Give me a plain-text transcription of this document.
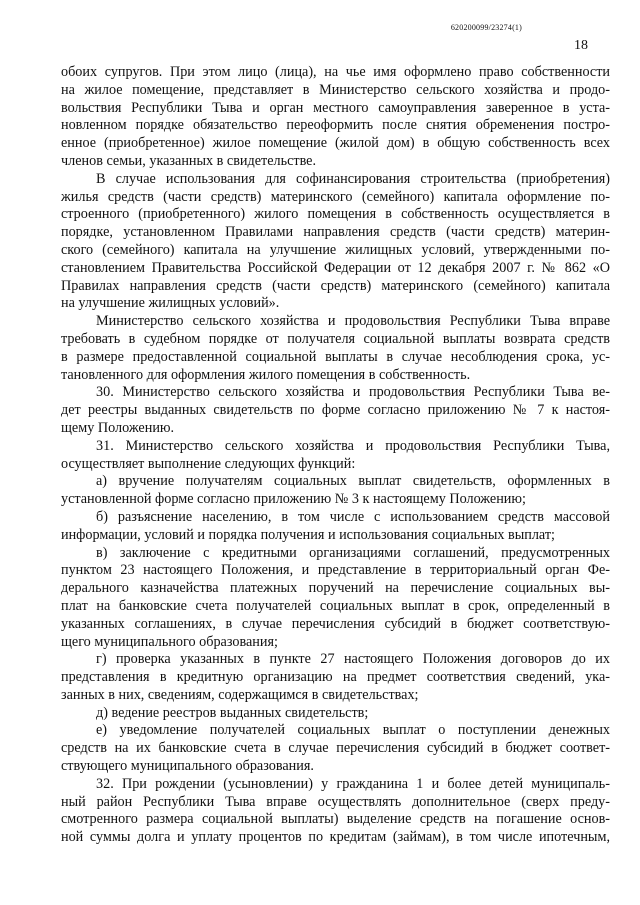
620200099/23274(1)
18

обоих супругов. При этом лицо (лица), на чье имя оформлено право собственности

на жилое помещение, представляет в Министерство сельского хозяйства и продо-

вольствия Республики Тыва и орган местного самоуправления заверенное в уста-

новленном порядке обязательство переоформить после снятия обременения постро-

енное (приобретенное) жилое помещение (жилой дом) в общую собственность всех

членов семьи, указанных в свидетельстве.

В случае использования для софинансирования строительства (приобретения)

жилья средств (части средств) материнского (семейного) капитала оформление по-

строенного (приобретенного) жилого помещения в собственность осуществляется в

порядке, установленном Правилами направления средств (части средств) материн-

ского (семейного) капитала на улучшение жилищных условий, утвержденными по-

становлением Правительства Российской Федерации от 12 декабря 2007 г. № 862 «О

Правилах направления средств (части средств) материнского (семейного) капитала

на улучшение жилищных условий».

Министерство сельского хозяйства и продовольствия Республики Тыва вправе

требовать в судебном порядке от получателя социальной выплаты возврата средств

в размере предоставленной социальной выплаты в случае несоблюдения срока, ус-

тановленного для оформления жилого помещения в собственность.

30. Министерство сельского хозяйства и продовольствия Республики Тыва ве-

дет реестры выданных свидетельств по форме согласно приложению № 7 к настоя-

щему Положению.

31. Министерство сельского хозяйства и продовольствия Республики Тыва,

осуществляет выполнение следующих функций:

а) вручение получателям социальных выплат свидетельств, оформленных в

установленной форме согласно приложению № 3 к настоящему Положению;

б) разъяснение населению, в том числе с использованием средств массовой

информации, условий и порядка получения и использования социальных выплат;

в) заключение с кредитными организациями соглашений, предусмотренных

пунктом 23 настоящего Положения, и представление в территориальный орган Фе-

дерального казначейства платежных поручений на перечисление социальных вы-

плат на банковские счета получателей социальных выплат в срок, определенный в

указанных соглашениях, в случае перечисления субсидий в бюджет соответствую-

щего муниципального образования;

г) проверка указанных в пункте 27 настоящего Положения договоров до их

представления в кредитную организацию на предмет соответствия сведений, ука-

занных в них, сведениям, содержащимся в свидетельствах;

д) ведение реестров выданных свидетельств;

е) уведомление получателей социальных выплат о поступлении денежных

средств на их банковские счета в случае перечисления субсидий в бюджет соответ-

ствующего муниципального образования.

32. При рождении (усыновлении) у гражданина 1 и более детей муниципаль-

ный район Республики Тыва вправе осуществлять дополнительное (сверх преду-

смотренного размера социальной выплаты) выделение средств на погашение основ-

ной суммы долга и уплату процентов по кредитам (займам), в том числе ипотечным,
